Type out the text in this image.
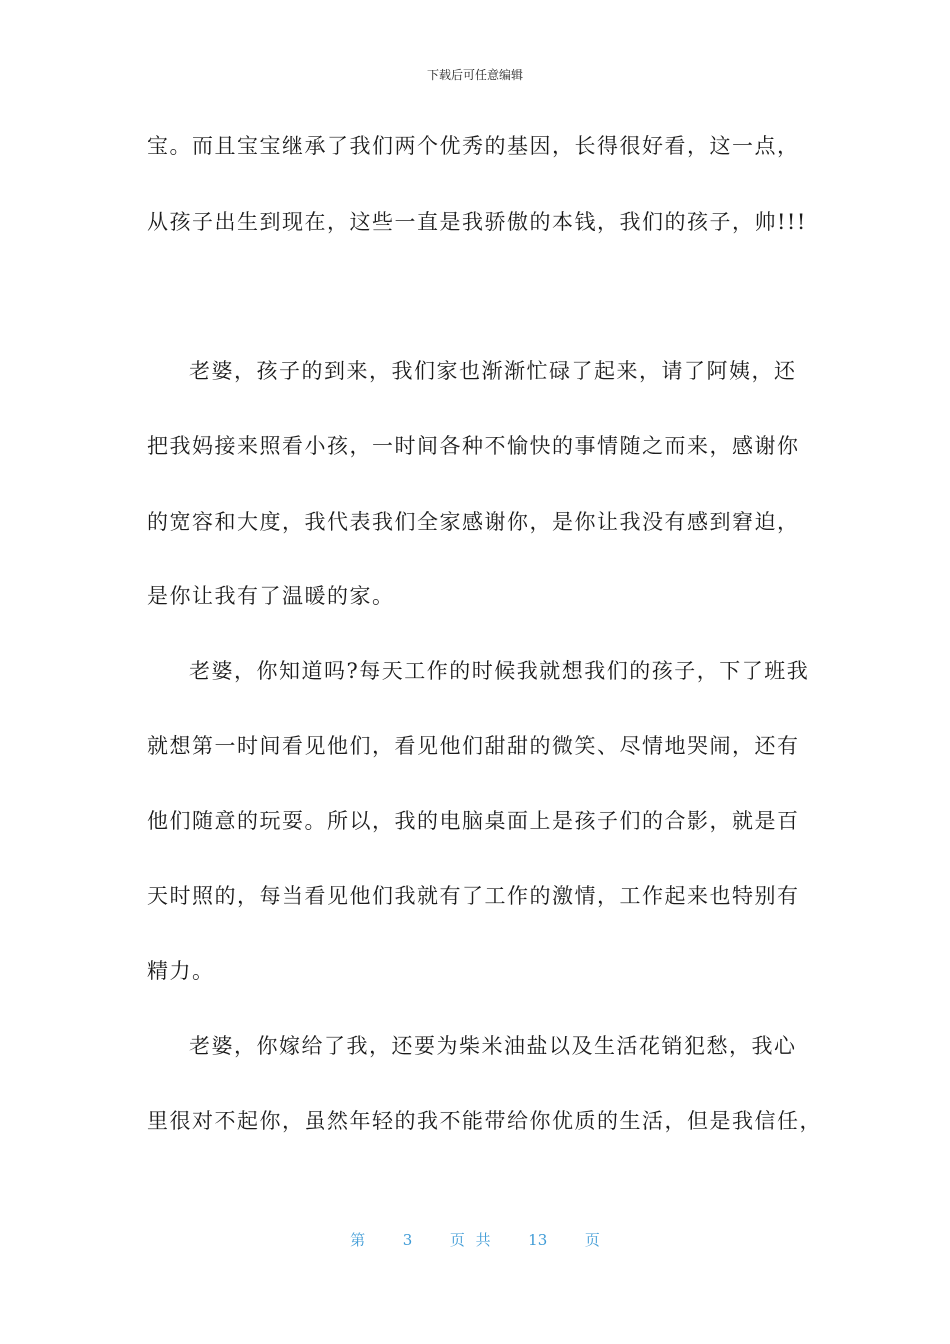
下载后可任意编辑
宝。而且宝宝继承了我们两个优秀的基因，长得很好看，这一点，
从孩子出生到现在，这些一直是我骄傲的本钱，我们的孩子，帅!!!
老婆，孩子的到来，我们家也渐渐忙碌了起来，请了阿姨，还
把我妈接来照看小孩，一时间各种不愉快的事情随之而来，感谢你
的宽容和大度，我代表我们全家感谢你，是你让我没有感到窘迫，
是你让我有了温暖的家。
老婆，你知道吗?每天工作的时候我就想我们的孩子，下了班我
就想第一时间看见他们，看见他们甜甜的微笑、尽情地哭闹，还有
他们随意的玩耍。所以，我的电脑桌面上是孩子们的合影，就是百
天时照的，每当看见他们我就有了工作的激情，工作起来也特别有
精力。
老婆，你嫁给了我，还要为柴米油盐以及生活花销犯愁，我心
里很对不起你，虽然年轻的我不能带给你优质的生活，但是我信任，
第	3	页 共	13	页
